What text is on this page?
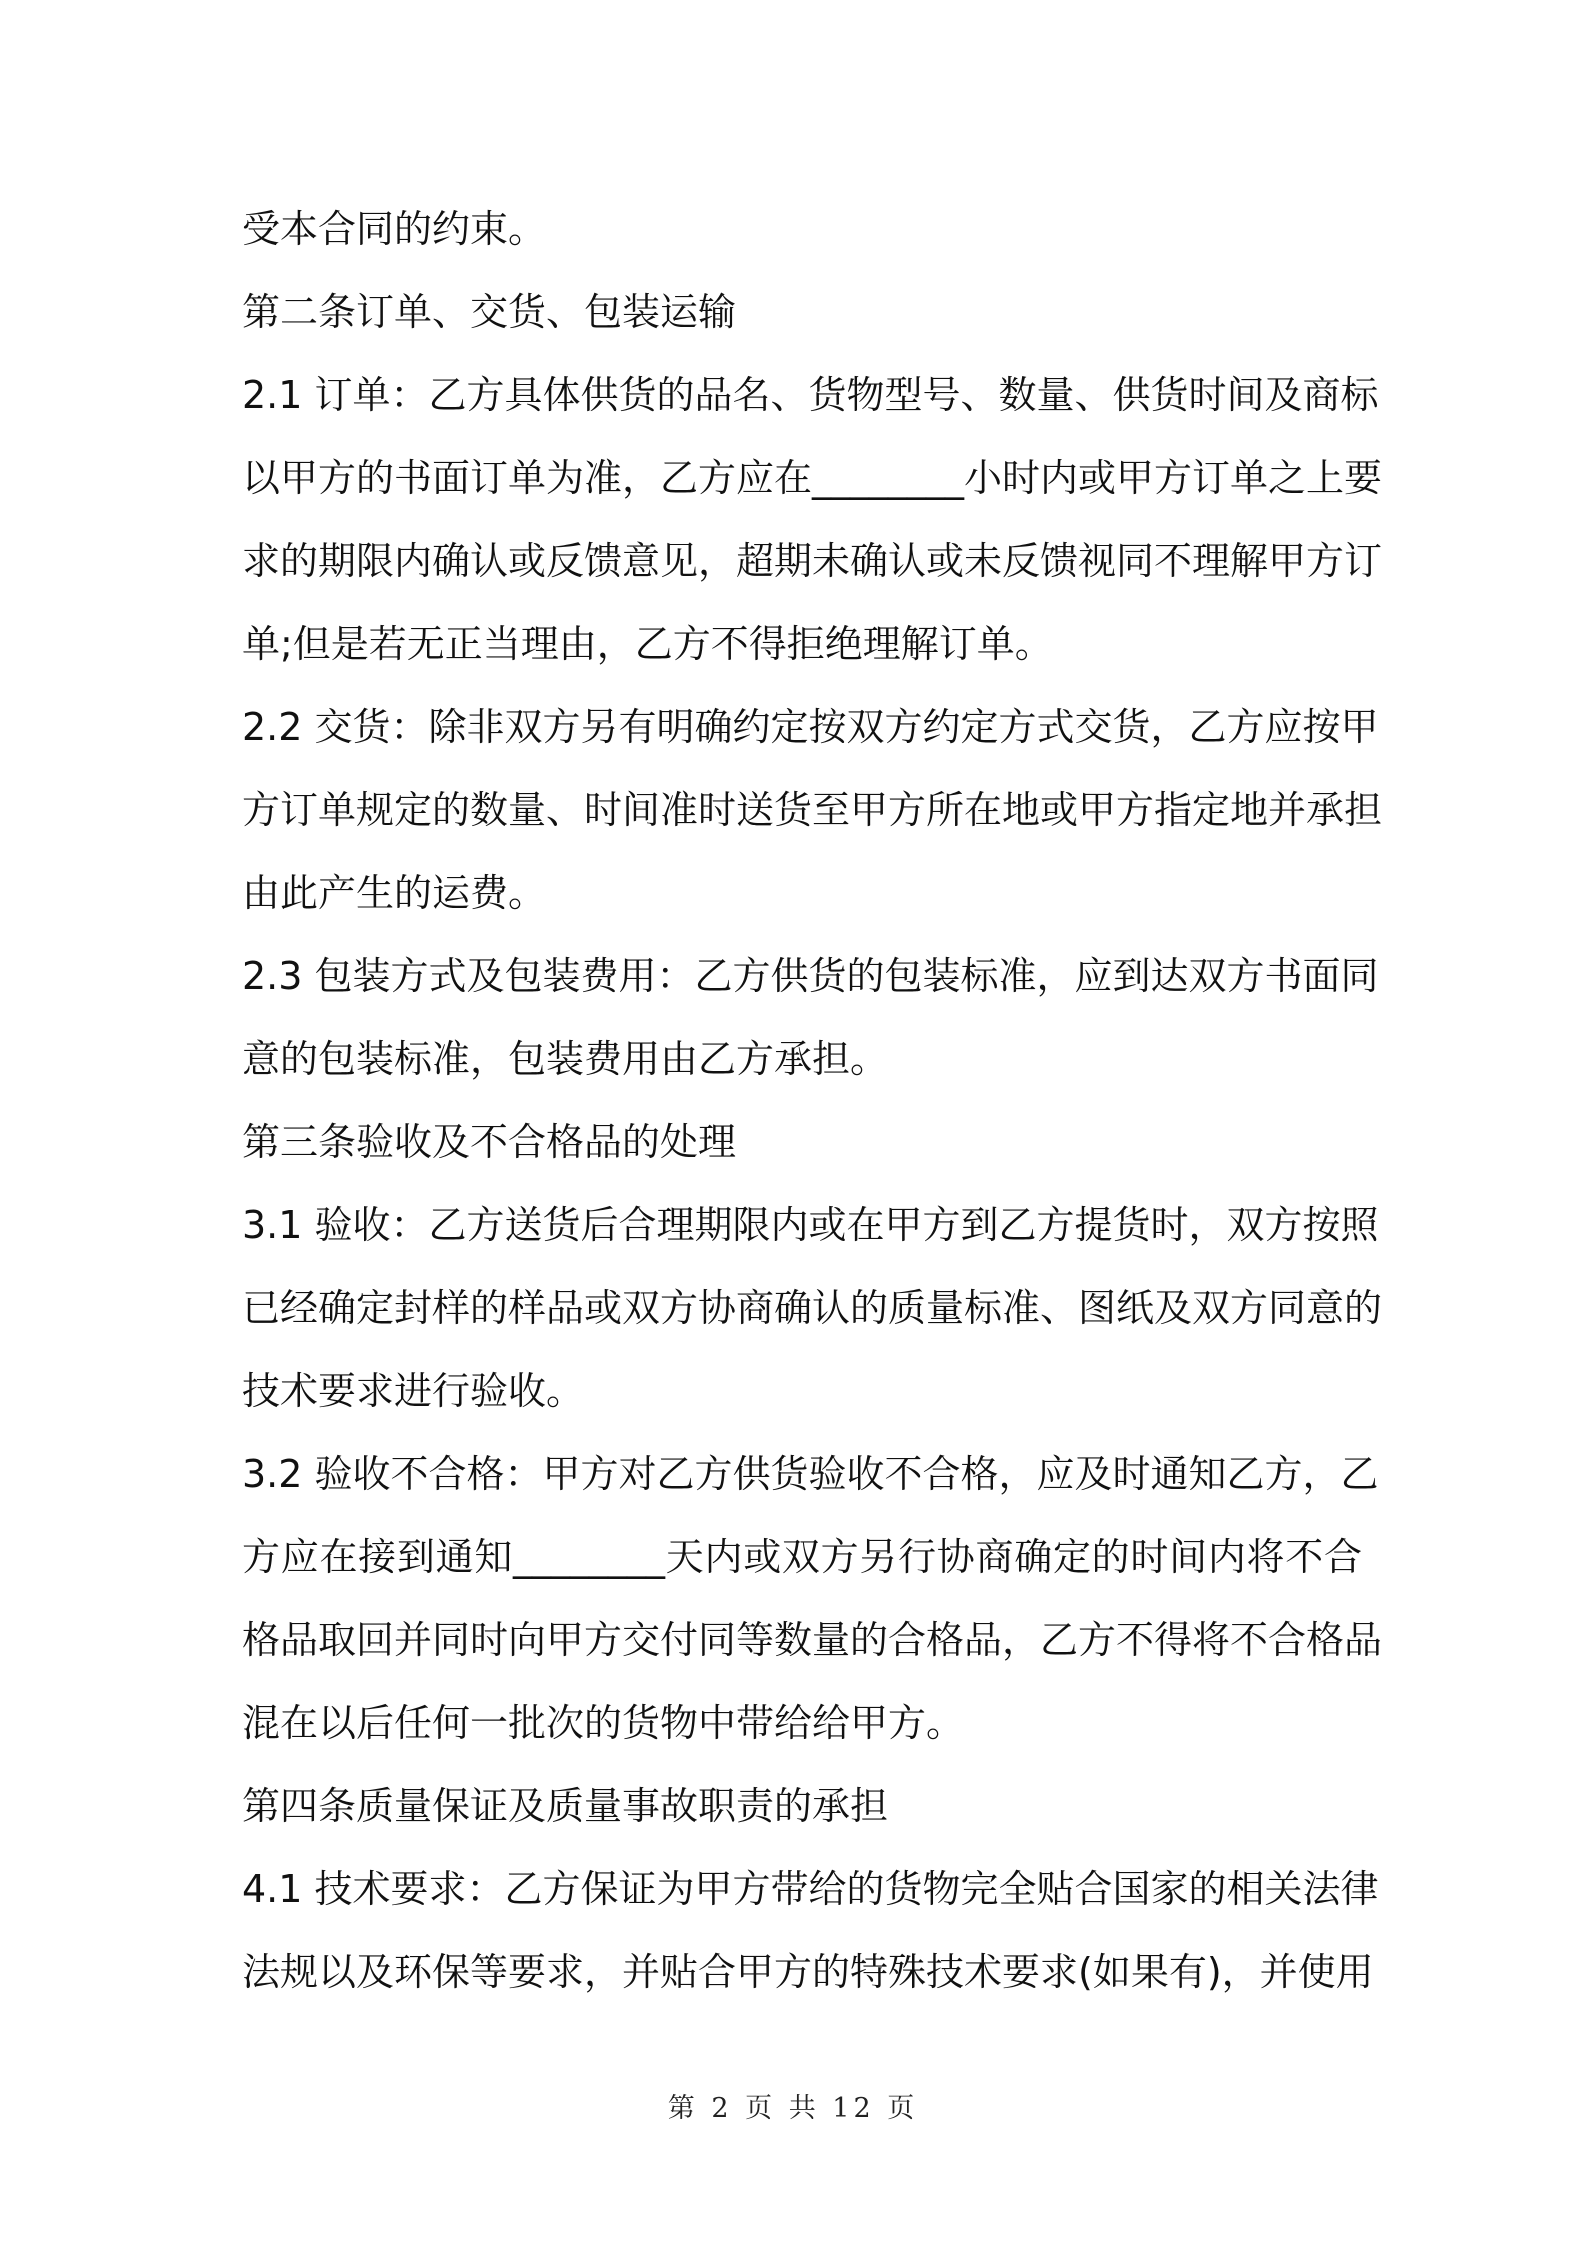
受本合同的约束。
第二条订单、交货、包装运输
2.1 订单：乙方具体供货的品名、货物型号、数量、供货时间及商标
以甲方的书面订单为准，乙方应在________小时内或甲方订单之上要
求的期限内确认或反馈意见，超期未确认或未反馈视同不理解甲方订
单;但是若无正当理由，乙方不得拒绝理解订单。
2.2 交货：除非双方另有明确约定按双方约定方式交货，乙方应按甲
方订单规定的数量、时间准时送货至甲方所在地或甲方指定地并承担
由此产生的运费。
2.3 包装方式及包装费用：乙方供货的包装标准，应到达双方书面同
意的包装标准，包装费用由乙方承担。
第三条验收及不合格品的处理
3.1 验收：乙方送货后合理期限内或在甲方到乙方提货时，双方按照
已经确定封样的样品或双方协商确认的质量标准、图纸及双方同意的
技术要求进行验收。
3.2 验收不合格：甲方对乙方供货验收不合格，应及时通知乙方，乙
方应在接到通知________天内或双方另行协商确定的时间内将不合
格品取回并同时向甲方交付同等数量的合格品，乙方不得将不合格品
混在以后任何一批次的货物中带给给甲方。
第四条质量保证及质量事故职责的承担
4.1 技术要求：乙方保证为甲方带给的货物完全贴合国家的相关法律
法规以及环保等要求，并贴合甲方的特殊技术要求(如果有)，并使用
第 2 页 共 12 页
